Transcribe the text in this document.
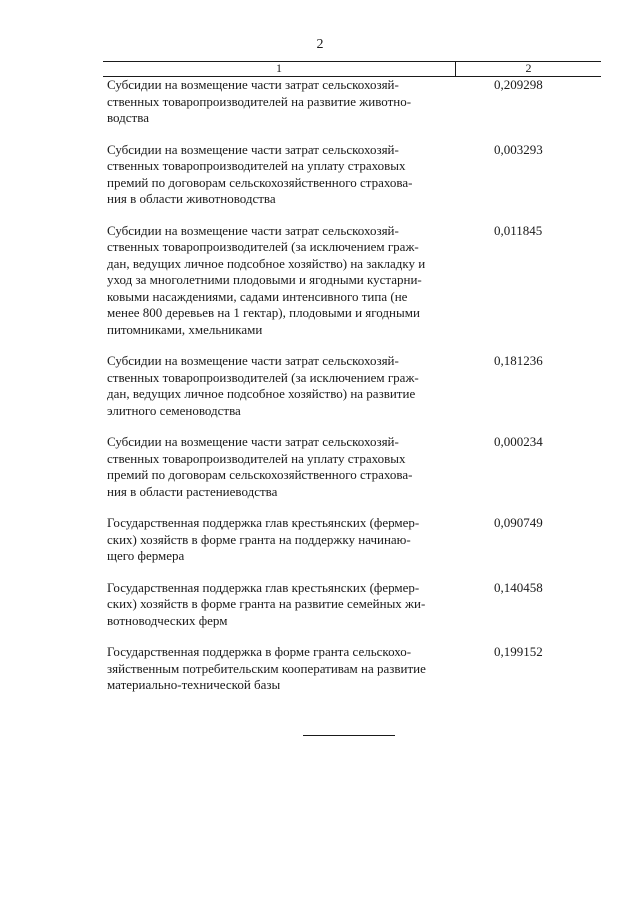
2
1	2
Субсидии на возмещение части затрат сельскохозяй-
ственных товаропроизводителей на развитие животно-
водства
0,209298
Субсидии на возмещение части затрат сельскохозяй-
ственных товаропроизводителей на уплату страховых
премий по договорам сельскохозяйственного страхова-
ния в области животноводства
0,003293
Субсидии на возмещение части затрат сельскохозяй-
ственных товаропроизводителей (за исключением граж-
дан, ведущих личное подсобное хозяйство) на закладку и
уход за многолетними плодовыми и ягодными кустарни-
ковыми насаждениями, садами интенсивного типа (не
менее 800 деревьев на 1 гектар), плодовыми и ягодными
питомниками, хмельниками
0,011845
Субсидии на возмещение части затрат сельскохозяй-
ственных товаропроизводителей (за исключением граж-
дан, ведущих личное подсобное хозяйство) на развитие
элитного семеноводства
0,181236
Субсидии на возмещение части затрат сельскохозяй-
ственных товаропроизводителей на уплату страховых
премий по договорам сельскохозяйственного страхова-
ния в области растениеводства
0,000234
Государственная поддержка глав крестьянских (фермер-
ских) хозяйств в форме гранта на поддержку начинаю-
щего фермера
0,090749
Государственная поддержка глав крестьянских (фермер-
ских) хозяйств в форме гранта на развитие семейных жи-
вотноводческих ферм
0,140458
Государственная поддержка в форме гранта сельскохо-
зяйственным потребительским кооперативам на развитие
материально-технической базы
0,199152
